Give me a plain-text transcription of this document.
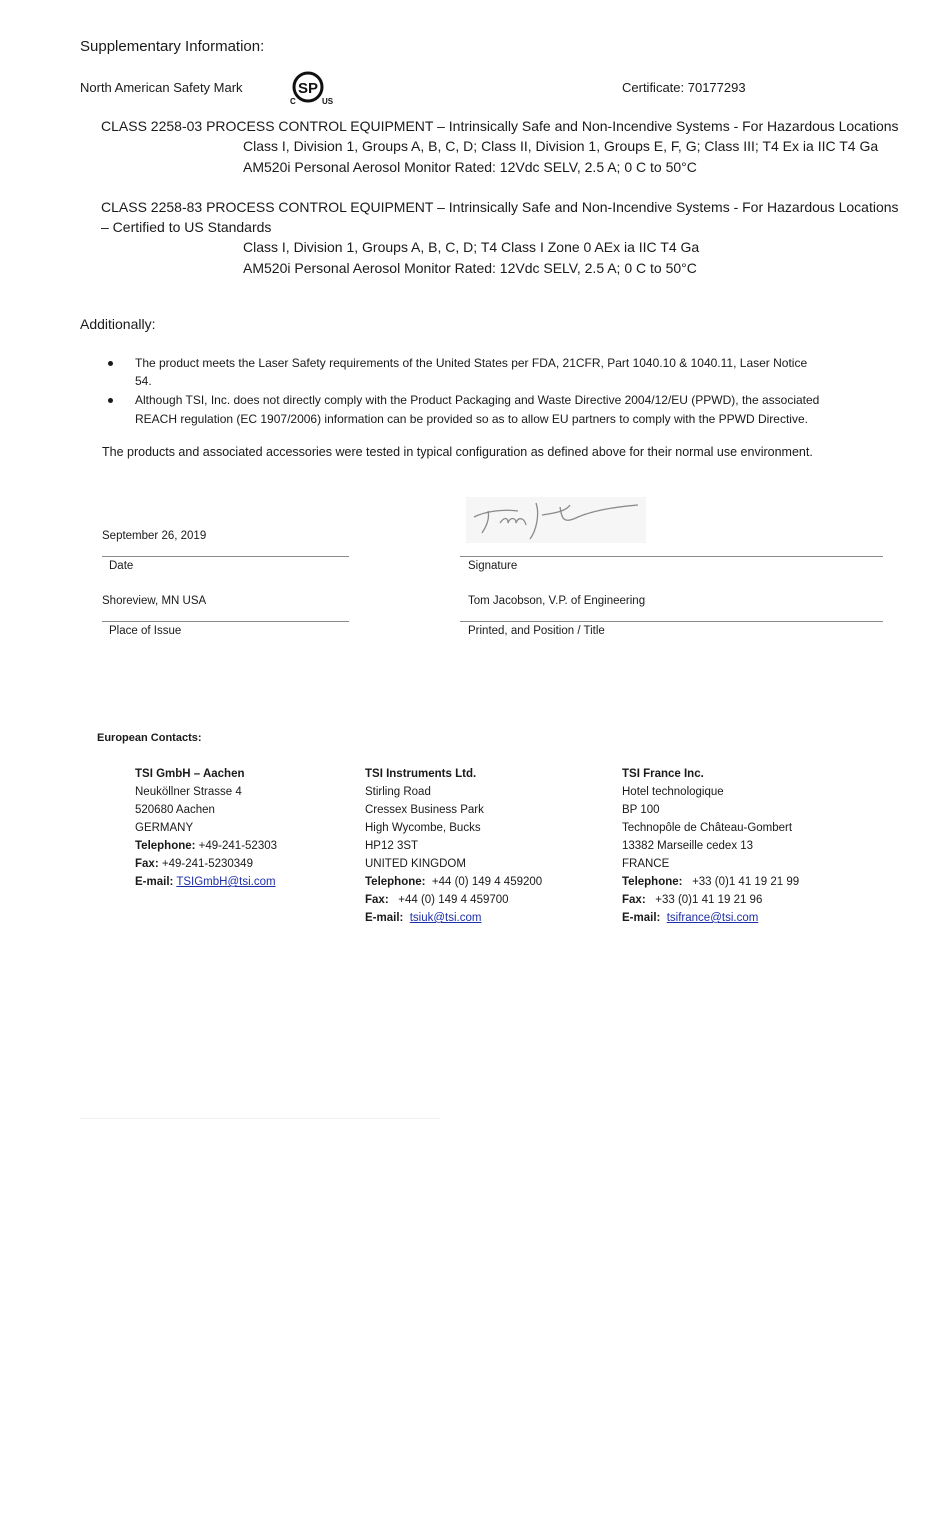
Supplementary Information:
North American Safety Mark	SP
C	US
Certificate: 70177293
CLASS 2258-03 PROCESS CONTROL EQUIPMENT – Intrinsically Safe and Non-Incendive Systems - For Hazardous Locations
Class I, Division 1, Groups A, B, C, D; Class II, Division 1, Groups E, F, G; Class III; T4 Ex ia IIC T4 Ga
AM520i Personal Aerosol Monitor Rated: 12Vdc SELV, 2.5 A; 0 C to 50°C
CLASS 2258-83 PROCESS CONTROL EQUIPMENT – Intrinsically Safe and Non-Incendive Systems - For Hazardous Locations
– Certified to US Standards
Class I, Division 1, Groups A, B, C, D; T4 Class I Zone 0 AEx ia IIC T4 Ga
AM520i Personal Aerosol Monitor Rated: 12Vdc SELV, 2.5 A; 0 C to 50°C
Additionally:
The product meets the Laser Safety requirements of the United States per FDA, 21CFR, Part 1040.10 & 1040.11, Laser Notice
54.
Although TSI, Inc. does not directly comply with the Product Packaging and Waste Directive 2004/12/EU (PPWD), the associated
REACH regulation (EC 1907/2006) information can be provided so as to allow EU partners to comply with the PPWD Directive.
The products and associated accessories were tested in typical configuration as defined above for their normal use environment.
September 26, 2019
Date	Signature
Shoreview, MN USA	Tom Jacobson, V.P. of Engineering
Place of Issue	Printed, and Position / Title
European Contacts:
TSI GmbH – Aachen
Neukӧllner Strasse 4
520680 Aachen
GERMANY
Telephone: +49-241-52303
Fax: +49-241-5230349
E-mail: TSIGmbH@tsi.com
TSI Instruments Ltd.
Stirling Road
Cressex Business Park
High Wycombe, Bucks
HP12 3ST
UNITED KINGDOM
Telephone:  +44 (0) 149 4 459200
Fax:   +44 (0) 149 4 459700
E-mail: tsiuk@tsi.com
TSI France Inc.
Hotel technologique
BP 100
Technopôle de Château-Gombert
13382 Marseille cedex 13
FRANCE
Telephone:   +33 (0)1 41 19 21 99
Fax:   +33 (0)1 41 19 21 96
E-mail: tsifrance@tsi.com
